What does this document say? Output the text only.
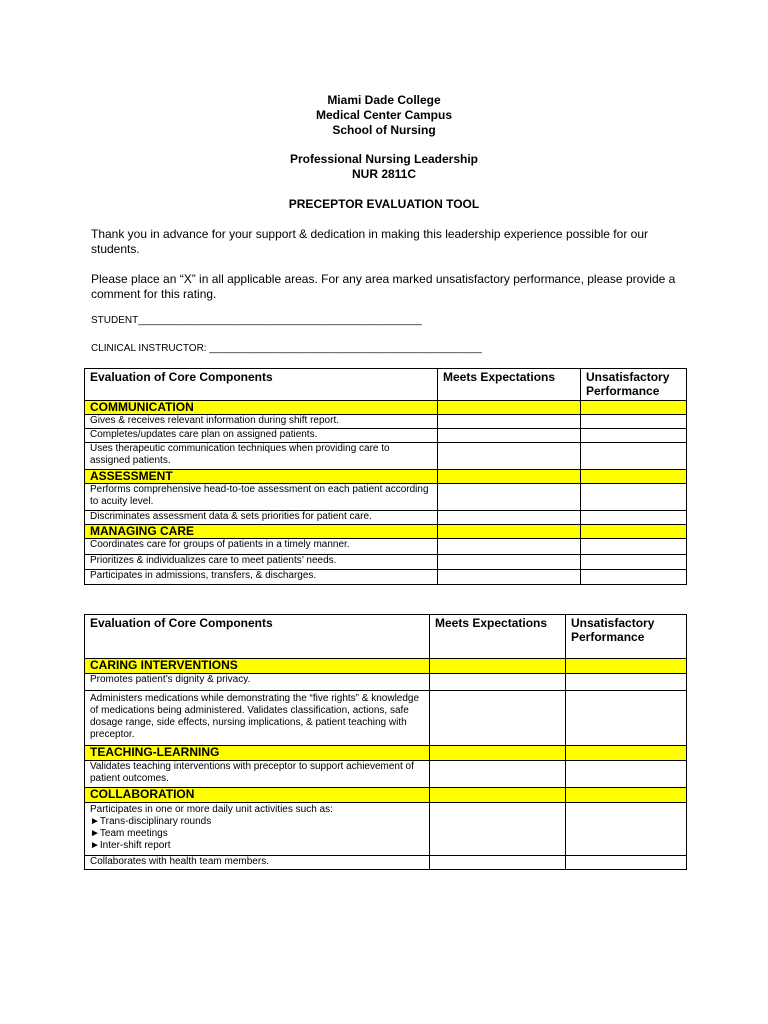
Miami Dade College
Medical Center Campus
School of Nursing
Professional Nursing Leadership
NUR 2811C
PRECEPTOR EVALUATION TOOL
Thank you in advance for your support & dedication in making this leadership experience possible for our students.
Please place an “X” in all applicable areas. For any area marked unsatisfactory performance, please provide a comment for this rating.
STUDENT___________________________________________________
CLINICAL INSTRUCTOR: _________________________________________________
Evaluation of Core Components	Meets Expectations	Unsatisfactory Performance
COMMUNICATION		
Gives & receives relevant information during shift report.		
Completes/updates care plan on assigned patients.		
Uses therapeutic communication techniques when providing care to assigned patients.		
ASSESSMENT		
Performs comprehensive head-to-toe assessment on each patient according to acuity level.		
Discriminates assessment data & sets priorities for patient care.		
MANAGING CARE		
Coordinates care for groups of patients in a timely manner.		
Prioritizes & individualizes care to meet patients’ needs.		
Participates in admissions, transfers, & discharges.		
Evaluation of Core Components	Meets Expectations	Unsatisfactory Performance
CARING INTERVENTIONS		
Promotes patient’s dignity & privacy.		
Administers medications while demonstrating the “five rights” & knowledge of medications being administered. Validates classification, actions, safe dosage range, side effects, nursing implications, & patient teaching with preceptor.		
TEACHING-LEARNING		
Validates teaching interventions with preceptor to support achievement of patient outcomes.		
COLLABORATION		
Participates in one or more daily unit activities such as:
►Trans-disciplinary rounds
►Team meetings
►Inter-shift report		
Collaborates with health team members.		
